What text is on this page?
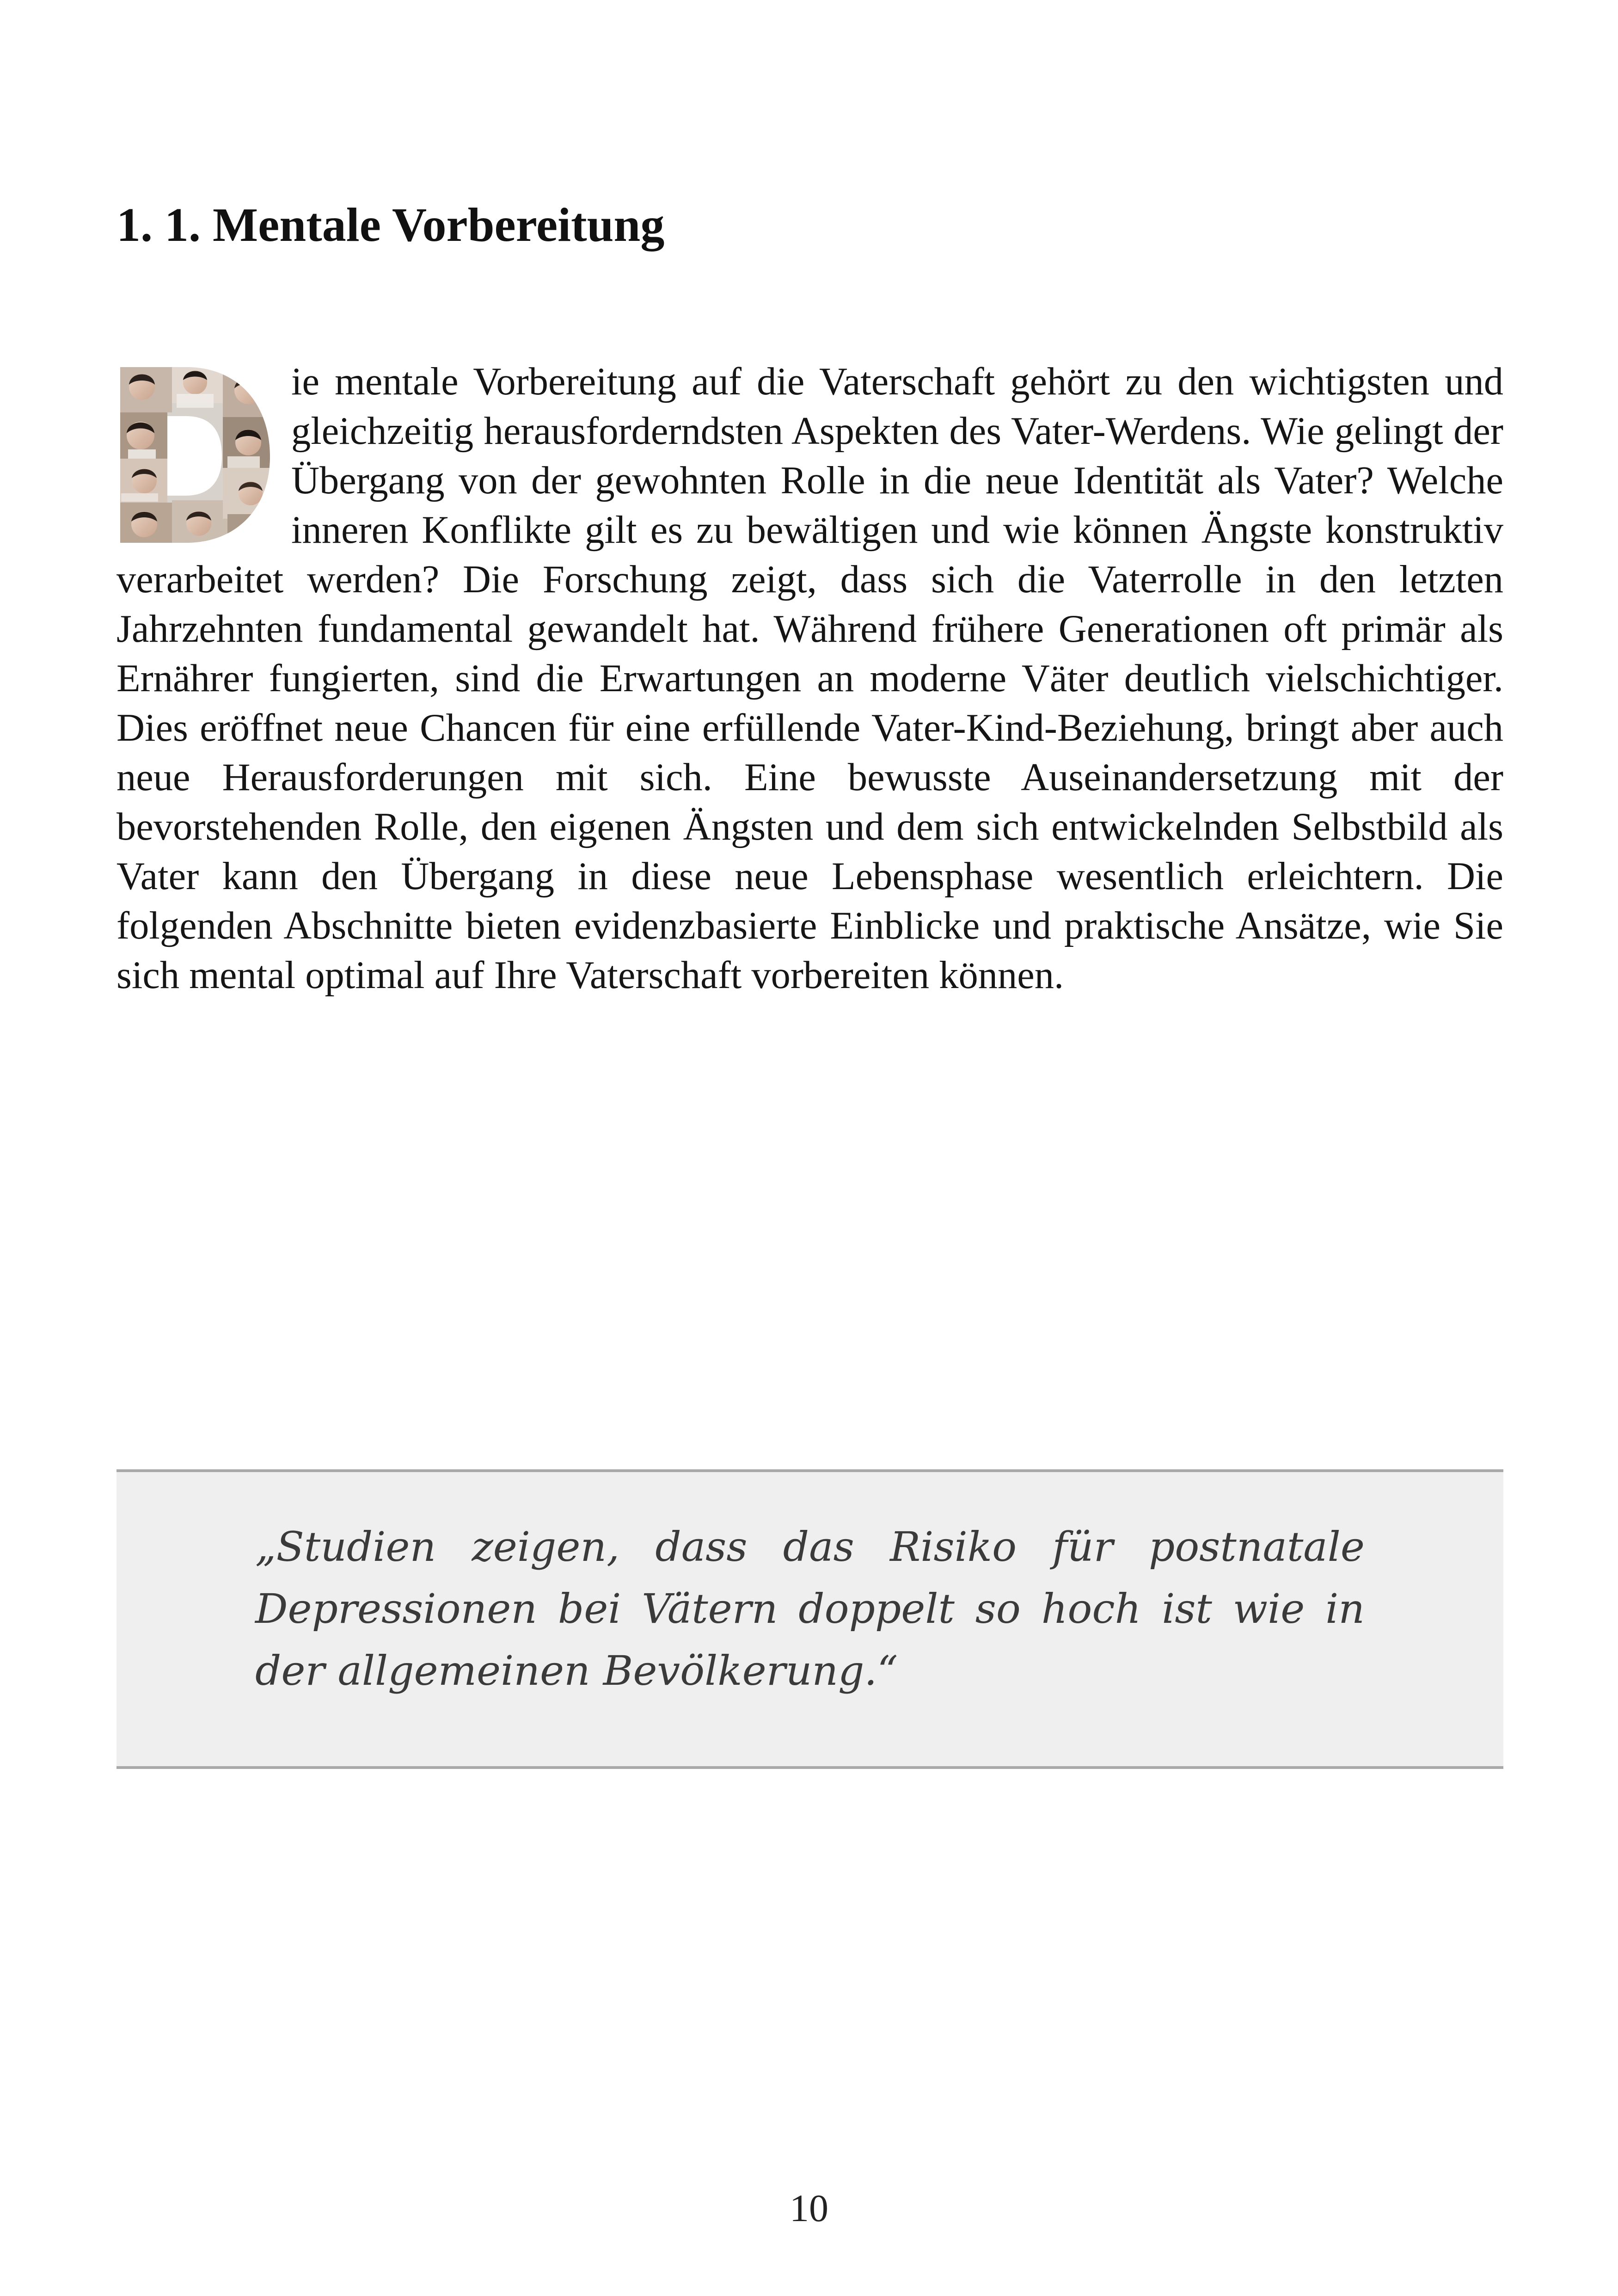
1. 1. Mentale Vorbereitung

ie mentale Vorbereitung auf die Vaterschaft gehört zu den wichtigsten und gleichzeitig herausforderndsten Aspekten des Vater-Werdens. Wie gelingt der Übergang von der gewohnten Rolle in die neue Identität als Vater? Welche inneren Konflikte gilt es zu bewältigen und wie können Ängste konstruktiv verarbeitet werden? Die Forschung zeigt, dass sich die Vaterrolle in den letzten Jahrzehnten fundamental gewandelt hat. Während frühere Generationen oft primär als Ernährer fungierten, sind die Erwartungen an moderne Väter deutlich vielschichtiger. Dies eröffnet neue Chancen für eine erfüllende Vater-Kind-Beziehung, bringt aber auch neue Herausforderungen mit sich. Eine bewusste Auseinandersetzung mit der bevorstehenden Rolle, den eigenen Ängsten und dem sich entwickelnden Selbstbild als Vater kann den Übergang in diese neue Lebensphase wesentlich erleichtern. Die folgenden Abschnitte bieten evidenzbasierte Einblicke und praktische Ansätze, wie Sie sich mental optimal auf Ihre Vaterschaft vorbereiten können.

„Studien zeigen, dass das Risiko für postnatale Depressionen bei Vätern doppelt so hoch ist wie in der allgemeinen Bevölkerung.“

10
